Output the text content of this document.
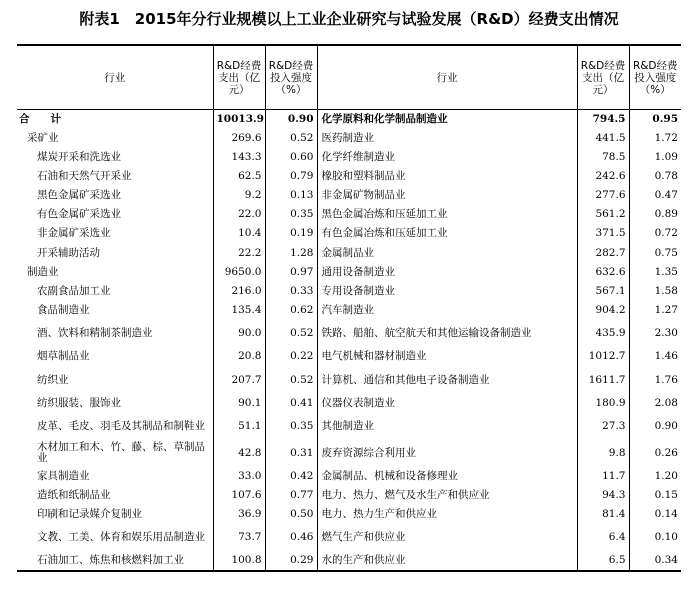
附表1　2015年分行业规模以上工业企业研究与试验发展（R&D）经费支出情况
行业	R&D经费支出（亿元）	R&D经费投入强度（%）	行业	R&D经费支出（亿元）	R&D经费投入强度（%）
合　　计	10013.9	0.90	化学原料和化学制品制造业	794.5	0.95
采矿业	269.6	0.52	医药制造业	441.5	1.72
煤炭开采和洗选业	143.3	0.60	化学纤维制造业	78.5	1.09
石油和天然气开采业	62.5	0.79	橡胶和塑料制品业	242.6	0.78
黑色金属矿采选业	9.2	0.13	非金属矿物制品业	277.6	0.47
有色金属矿采选业	22.0	0.35	黑色金属冶炼和压延加工业	561.2	0.89
非金属矿采选业	10.4	0.19	有色金属冶炼和压延加工业	371.5	0.72
开采辅助活动	22.2	1.28	金属制品业	282.7	0.75
制造业	9650.0	0.97	通用设备制造业	632.6	1.35
农副食品加工业	216.0	0.33	专用设备制造业	567.1	1.58
食品制造业	135.4	0.62	汽车制造业	904.2	1.27
酒、饮料和精制茶制造业	90.0	0.52	铁路、船舶、航空航天和其他运输设备制造业	435.9	2.30
烟草制品业	20.8	0.22	电气机械和器材制造业	1012.7	1.46
纺织业	207.7	0.52	计算机、通信和其他电子设备制造业	1611.7	1.76
纺织服装、服饰业	90.1	0.41	仪器仪表制造业	180.9	2.08
皮革、毛皮、羽毛及其制品和制鞋业	51.1	0.35	其他制造业	27.3	0.90
木材加工和木、竹、藤、棕、草制品业	42.8	0.31	废弃资源综合利用业	9.8	0.26
家具制造业	33.0	0.42	金属制品、机械和设备修理业	11.7	1.20
造纸和纸制品业	107.6	0.77	电力、热力、燃气及水生产和供应业	94.3	0.15
印刷和记录媒介复制业	36.9	0.50	电力、热力生产和供应业	81.4	0.14
文教、工美、体育和娱乐用品制造业	73.7	0.46	燃气生产和供应业	6.4	0.10
石油加工、炼焦和核燃料加工业	100.8	0.29	水的生产和供应业	6.5	0.34
